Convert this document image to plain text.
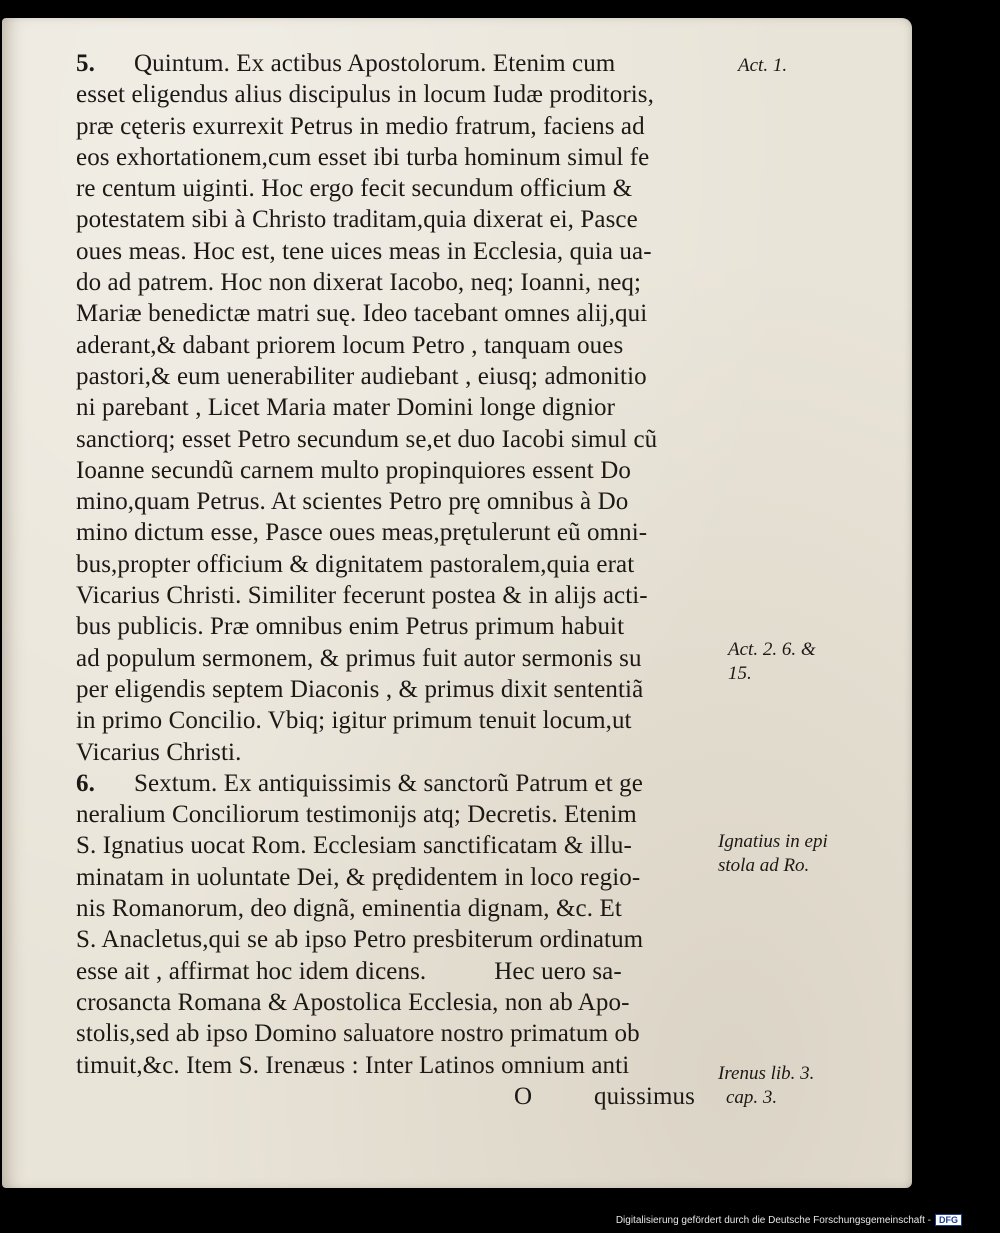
5. Quintum. Ex actibus Apostolorum. Etenim cum
esset eligendus alius discipulus in locum Iudæ proditoris,
præ cęteris exurrexit Petrus in medio fratrum, faciens ad
eos exhortationem,cum esset ibi turba hominum simul fe
re centum uiginti. Hoc ergo fecit secundum officium &
potestatem sibi à Christo traditam,quia dixerat ei, Pasce
oues meas. Hoc est, tene uices meas in Ecclesia, quia ua-
do ad patrem. Hoc non dixerat Iacobo, neq; Ioanni, neq;
Mariæ benedictæ matri suę. Ideo tacebant omnes alij,qui
aderant,& dabant priorem locum Petro , tanquam oues
pastori,& eum uenerabiliter audiebant , eiusq; admonitio
ni parebant , Licet Maria mater Domini longe dignior
sanctiorq; esset Petro secundum se,et duo Iacobi simul cũ
Ioanne secundũ carnem multo propinquiores essent Do
mino,quam Petrus. At scientes Petro prę omnibus à Do
mino dictum esse, Pasce oues meas,prętulerunt eũ omni-
bus,propter officium & dignitatem pastoralem,quia erat
Vicarius Christi. Similiter fecerunt postea & in alijs acti-
bus publicis. Præ omnibus enim Petrus primum habuit
ad populum sermonem, & primus fuit autor sermonis su
per eligendis septem Diaconis , & primus dixit sententiã
in primo Concilio. Vbiq; igitur primum tenuit locum,ut
Vicarius Christi.
6. Sextum. Ex antiquissimis & sanctorũ Patrum et ge
neralium Conciliorum testimonijs atq; Decretis. Etenim
S. Ignatius uocat Rom. Ecclesiam sanctificatam & illu-
minatam in uoluntate Dei, & prędidentem in loco regio-
nis Romanorum, deo dignã, eminentia dignam, &c. Et
S. Anacletus,qui se ab ipso Petro presbiterum ordinatum
esse ait , affirmat hoc idem dicens.	Hec uero sa-
crosancta Romana & Apostolica Ecclesia, non ab Apo-
stolis,sed ab ipso Domino saluatore nostro primatum ob
timuit,&c. Item S. Irenæus : Inter Latinos omnium anti
O quissimus
Act. 1.
Act. 2. 6. &
15.
Ignatius in epi
stola ad Ro.
Irenus lib. 3.
cap. 3.
Digitalisierung gefördert durch die Deutsche Forschungsgemeinschaft - DFG
